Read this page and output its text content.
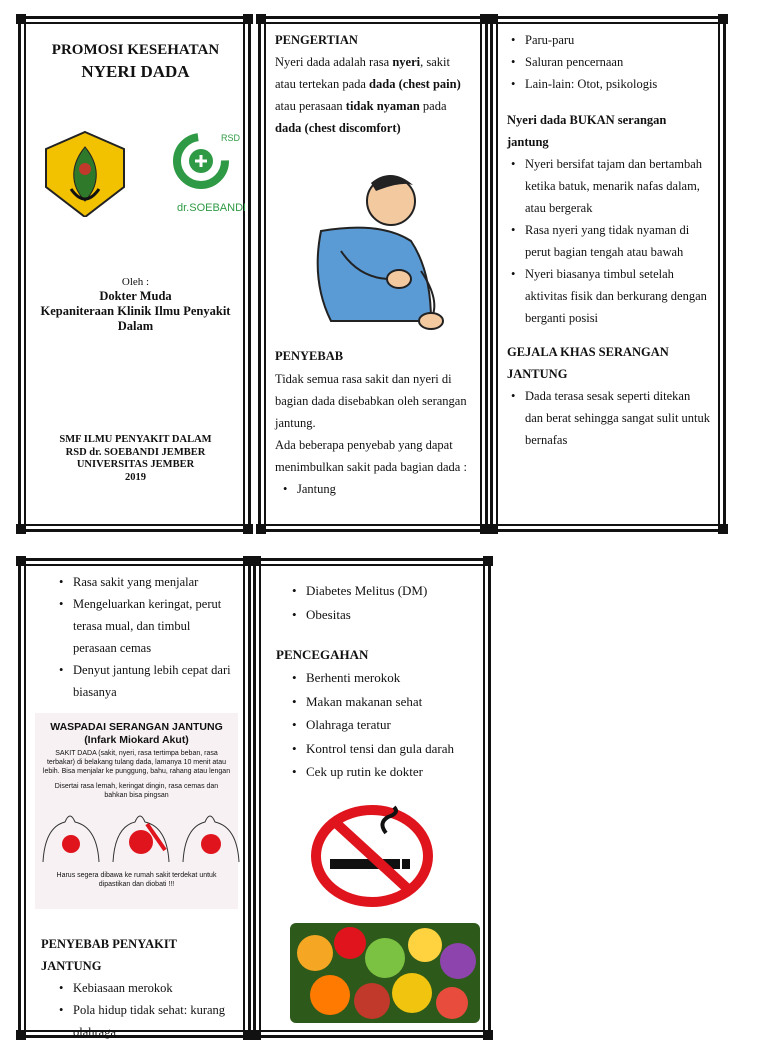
PROMOSI KESEHATAN
NYERI DADA
RSD
dr.SOEBANDI
Oleh :
Dokter Muda
Kepaniteraan Klinik Ilmu Penyakit Dalam
SMF ILMU PENYAKIT DALAM
RSD dr. SOEBANDI JEMBER
UNIVERSITAS JEMBER
2019
PENGERTIAN

Nyeri dada adalah rasa nyeri, sakit atau tertekan pada dada (chest pain) atau perasaan tidak nyaman pada dada (chest discomfort)

PENYEBAB

Tidak semua rasa sakit dan nyeri di bagian dada disebabkan oleh serangan jantung.

Ada beberapa penyebab yang dapat menimbulkan sakit pada bagian dada :

• Jantung
• Paru-paru
• Saluran pencernaan
• Lain-lain: Otot, psikologis
Nyeri dada BUKAN serangan jantung
• Nyeri bersifat tajam dan bertambah ketika batuk, menarik nafas dalam, atau bergerak
• Rasa nyeri yang tidak nyaman di perut bagian tengah atau bawah
• Nyeri biasanya timbul setelah aktivitas fisik dan berkurang dengan berganti posisi
GEJALA KHAS SERANGAN JANTUNG
• Dada terasa sesak seperti ditekan dan berat sehingga sangat sulit untuk bernafas
• Rasa sakit yang menjalar
• Mengeluarkan keringat, perut terasa mual, dan timbul perasaan cemas
• Denyut jantung lebih cepat dari biasanya
WASPADAI SERANGAN JANTUNG
(Infark Miokard Akut)
SAKIT DADA (sakit, nyeri, rasa tertimpa beban, rasa terbakar) di belakang tulang dada, lamanya 10 menit atau lebih. Bisa menjalar ke punggung, bahu, rahang atau lengan
Disertai rasa lemah, keringat dingin, rasa cemas dan bahkan bisa pingsan
Harus segera dibawa ke rumah sakit terdekat untuk dipastikan dan diobati !!!
PENYEBAB PENYAKIT JANTUNG
• Kebiasaan merokok
• Pola hidup tidak sehat: kurang olahraga
• Diabetes Melitus (DM)
• Obesitas
PENCEGAHAN
• Berhenti merokok
• Makan makanan sehat
• Olahraga teratur
• Kontrol tensi dan gula darah
• Cek up rutin ke dokter
